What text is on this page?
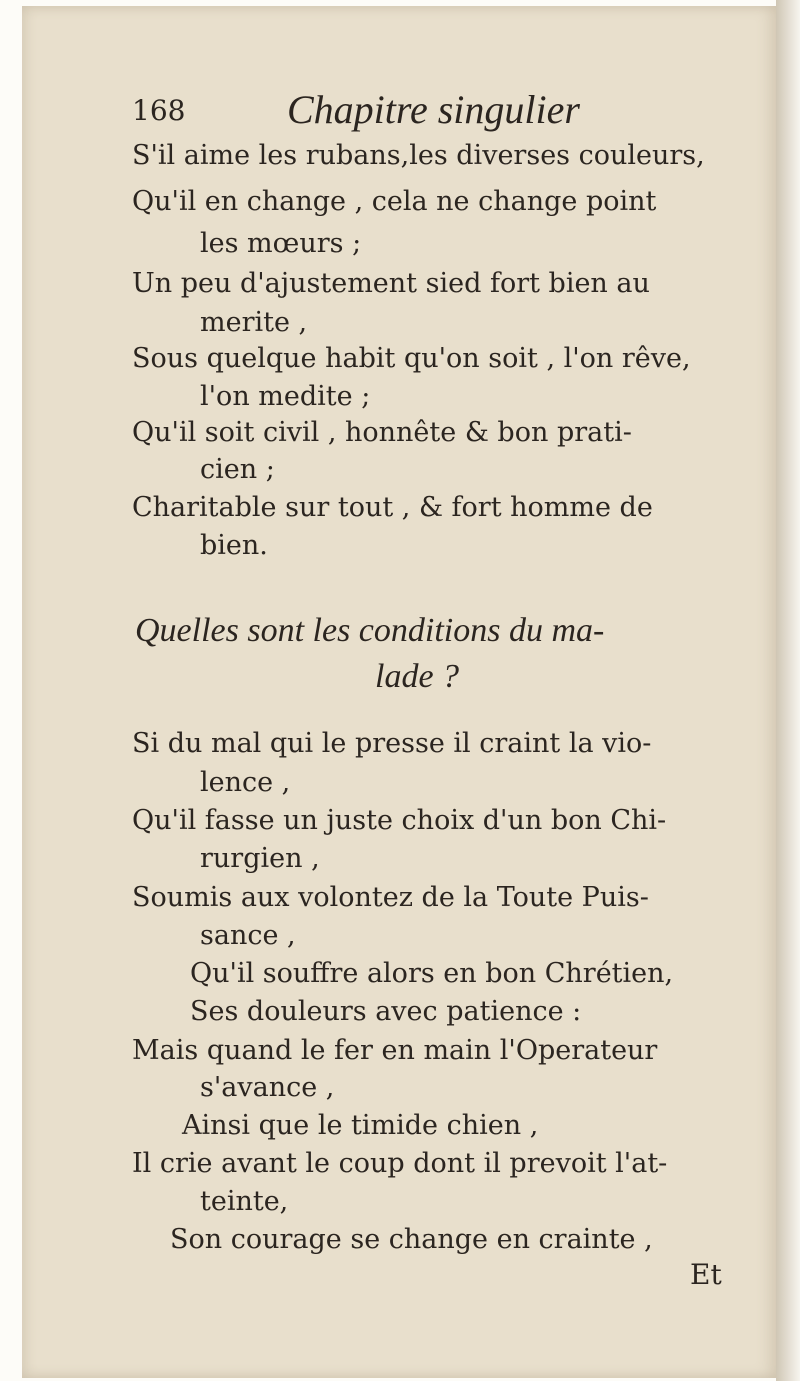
168	Chapitre singulier
S'il aime les rubans,les diverses couleurs,
Qu'il en change , cela ne change point
les mœurs ;
Un peu d'ajustement sied fort bien au
merite ,
Sous quelque habit qu'on soit , l'on rêve,
l'on medite ;
Qu'il soit civil , honnête & bon prati-
cien ;
Charitable sur tout , & fort homme de
bien.
Quelles sont les conditions du ma-
lade ?
Si du mal qui le presse il craint la vio-
lence ,
Qu'il fasse un juste choix d'un bon Chi-
rurgien ,
Soumis aux volontez de la Toute Puis-
sance ,
Qu'il souffre alors en bon Chrétien,
Ses douleurs avec patience :
Mais quand le fer en main l'Operateur
s'avance ,
Ainsi que le timide chien ,
Il crie avant le coup dont il prevoit l'at-
teinte,
Son courage se change en crainte ,
Et
